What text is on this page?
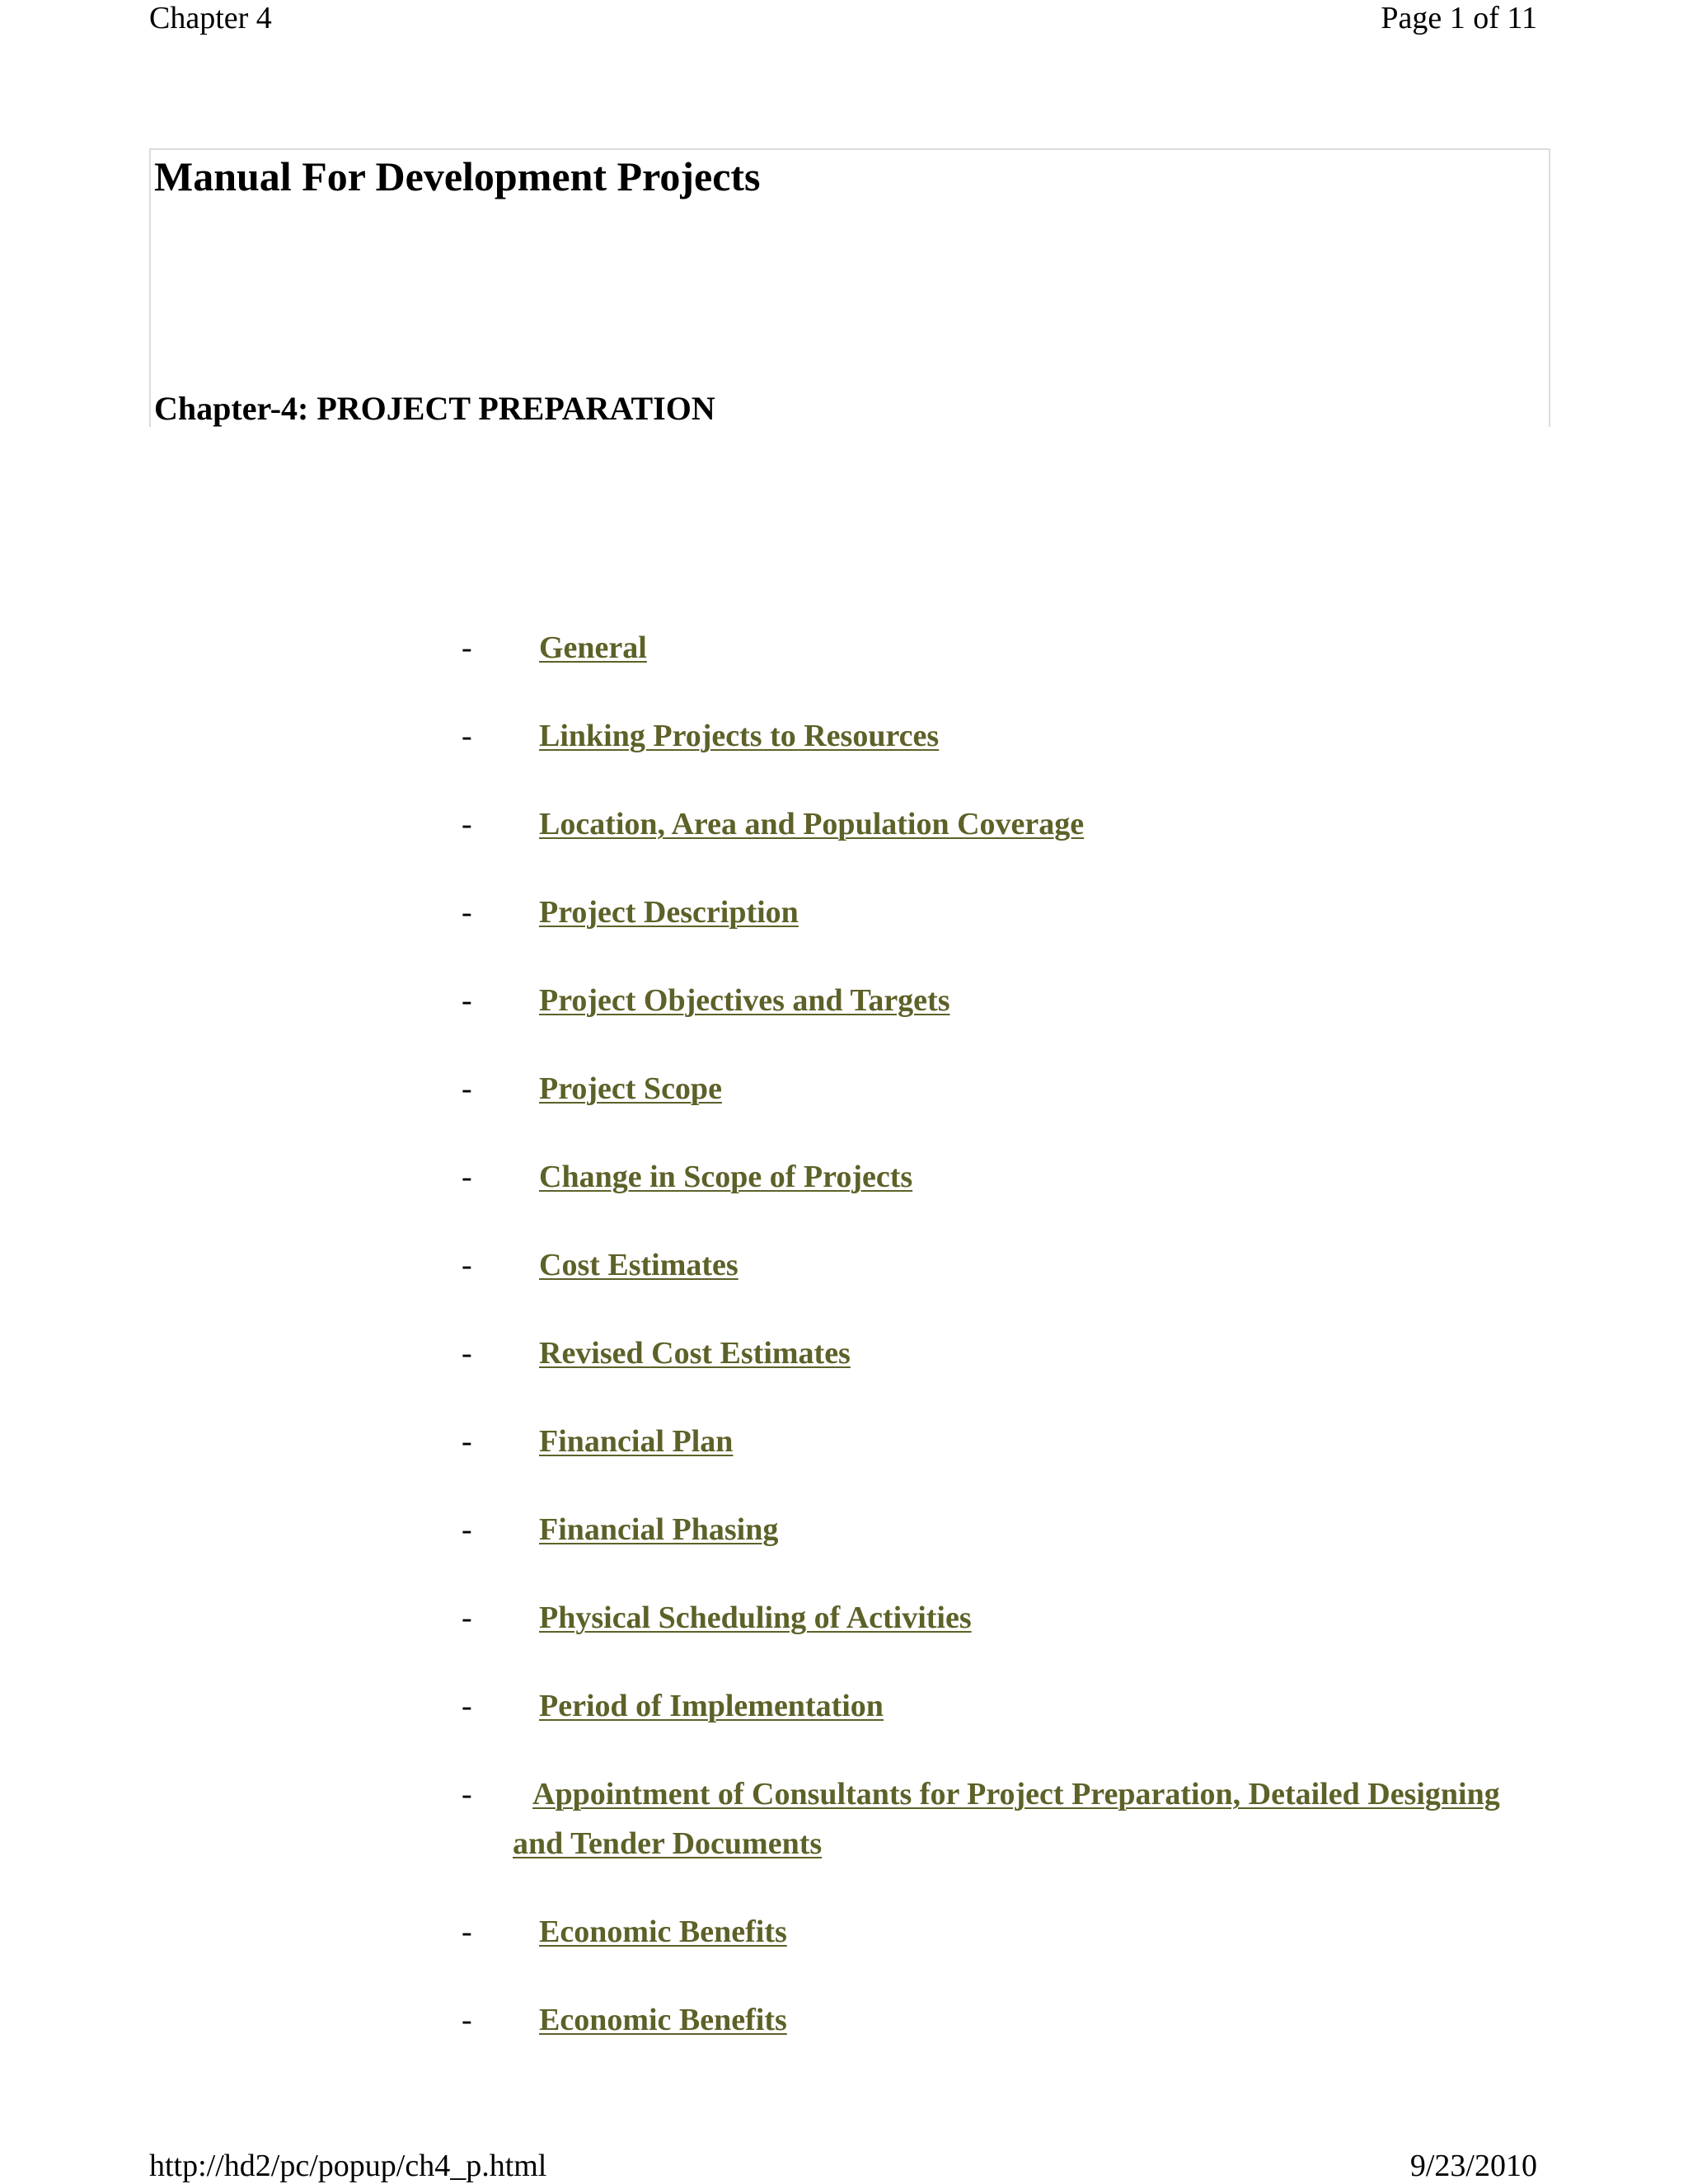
Chapter 4	Page 1 of 11
Manual For Development Projects
Chapter-4: PROJECT PREPARATION
-	General
-	Linking Projects to Resources
-	Location, Area and Population Coverage
-	Project Description
-	Project Objectives and Targets
-	Project Scope
-	Change in Scope of Projects
-	Cost Estimates
-	Revised Cost Estimates
-	Financial Plan
-	Financial Phasing
-	Physical Scheduling of Activities
-	Period of Implementation
-	Appointment of Consultants for Project Preparation, Detailed Designing and Tender Documents
-	Economic Benefits
-	Economic Benefits
http://hd2/pc/popup/ch4_p.html	9/23/2010
